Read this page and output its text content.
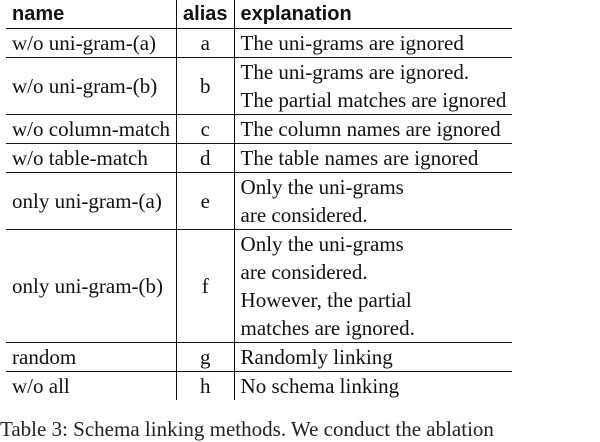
name	alias	explanation
w/o uni-gram-(a)	a	The uni-grams are ignored

w/o uni-gram-(b)	b	The uni-grams are ignored.
The partial matches are ignored

w/o column-match	c	The column names are ignored

w/o table-match	d	The table names are ignored

only uni-gram-(a)	e	Only the uni-grams
are considered.

only uni-gram-(b)	f	Only the uni-grams
are considered.
However, the partial
matches are ignored.

random	g	Randomly linking

w/o all	h	No schema linking
Table 3: Schema linking methods. We conduct the ablation
